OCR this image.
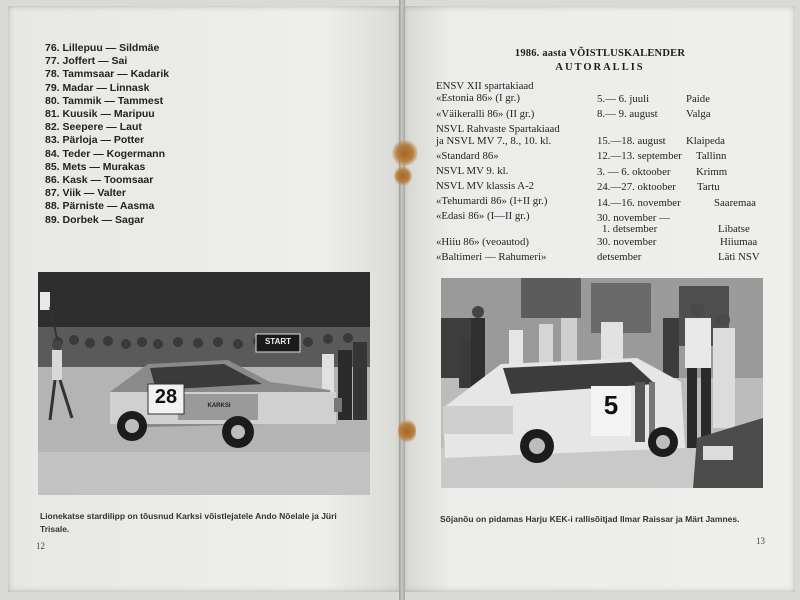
76. Lillepuu — Sildmäe
77. Joffert — Sai
78. Tammsaar — Kadarik
79. Madar — Linnask
80. Tammik — Tammest
81. Kuusik — Maripuu
82. Seepere — Laut
83. Pärloja — Potter
84. Teder — Kogermann
85. Mets — Murakas
86. Kask — Toomsaar
87. Viik — Valter
88. Pärniste — Aasma
89. Dorbek — Sagar
START
28	KARKSI
Lionekatse stardilipp on tõusnud Karksi võistlejatele Ando Nõelale ja Jüri Trisale.
12
1986. aasta VÕISTLUSKALENDER
AUTORALLIS
ENSV XII spartakiaad
«Estonia 86» (I gr.)
«Väikeralli 86» (II gr.)
NSVL Rahvaste Spartakiaad
ja NSVL MV 7., 8., 10. kl.
«Standard 86»
NSVL MV 9. kl.
NSVL MV klassis A-2
«Tehumardi 86» (I+II gr.)
«Edasi 86» (I—II gr.)
«Hiiu 86» (veoautod)
«Baltimeri — Rahumeri»
5.— 6. juuli
8.— 9. august
15.—18. august
12.—13. september
3. — 6. oktoober
24.—27. oktoober
14.—16. november
30. november —
1. detsember
30. november
detsember
Paide
Valga
Klaipeda
Tallinn
Krimm
Tartu
Saaremaa
Libatse
Hiiumaa
Läti NSV
5
Sõjanõu on pidamas Harju KEK-i rallisõitjad Ilmar Raissar ja Märt Jamnes.
13
